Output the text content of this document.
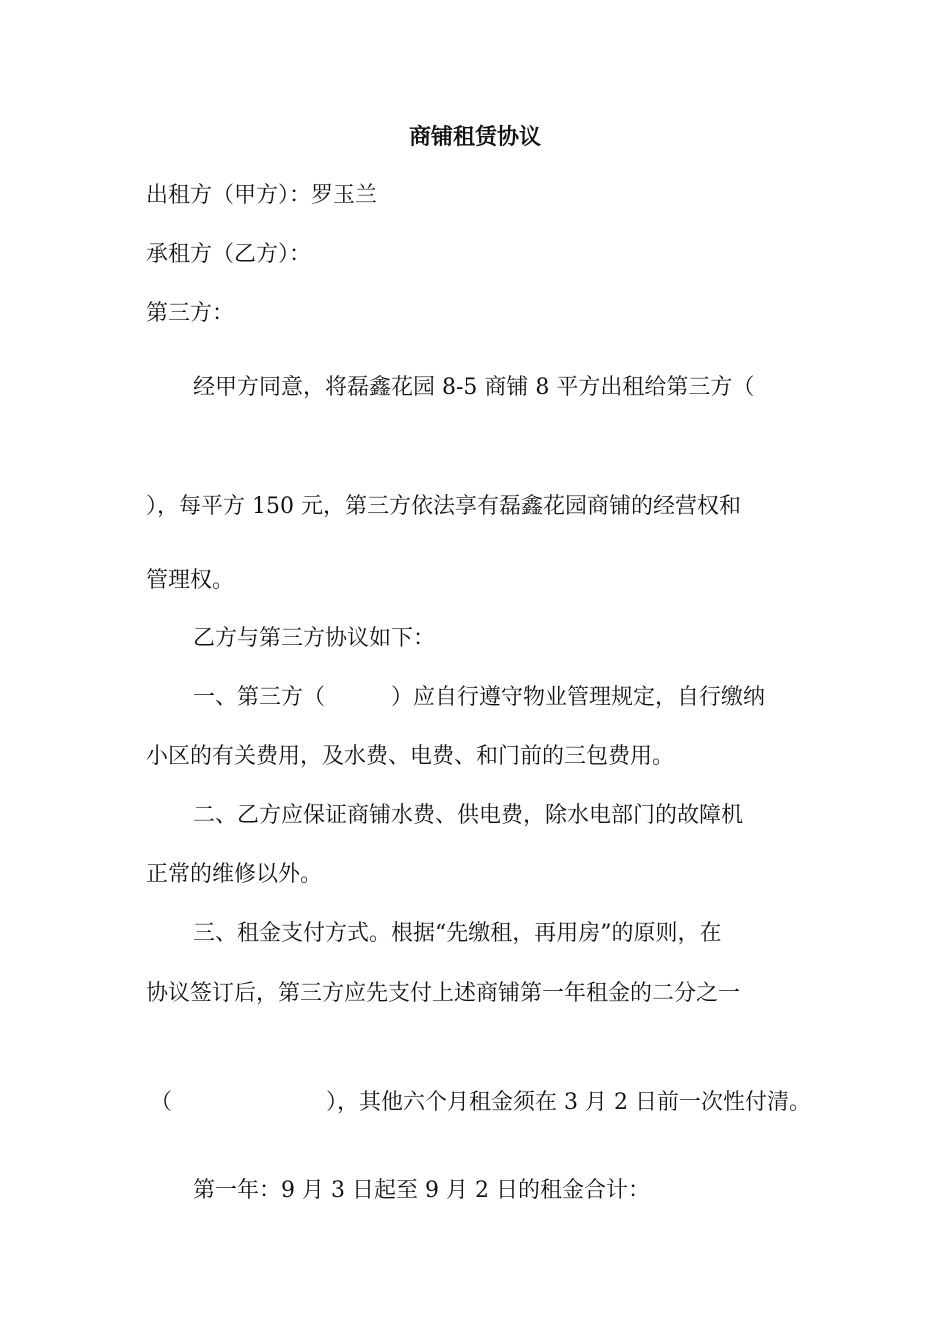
商铺租赁协议

出租方（甲方）：罗玉兰

承租方（乙方）：

第三方：

经甲方同意，将磊鑫花园 8-5 商铺 8 平方出租给第三方（

），每平方 150 元，第三方依法享有磊鑫花园商铺的经营权和

管理权。

乙方与第三方协议如下：

一、第三方（　　　）应自行遵守物业管理规定，自行缴纳

小区的有关费用，及水费、电费、和门前的三包费用。

二、乙方应保证商铺水费、供电费，除水电部门的故障机

正常的维修以外。

三、租金支付方式。根据“先缴租，再用房”的原则，在

协议签订后，第三方应先支付上述商铺第一年租金的二分之一

（　　　　　　　），其他六个月租金须在 3 月 2 日前一次性付清。

第一年：9 月 3 日起至 9 月 2 日的租金合计：
